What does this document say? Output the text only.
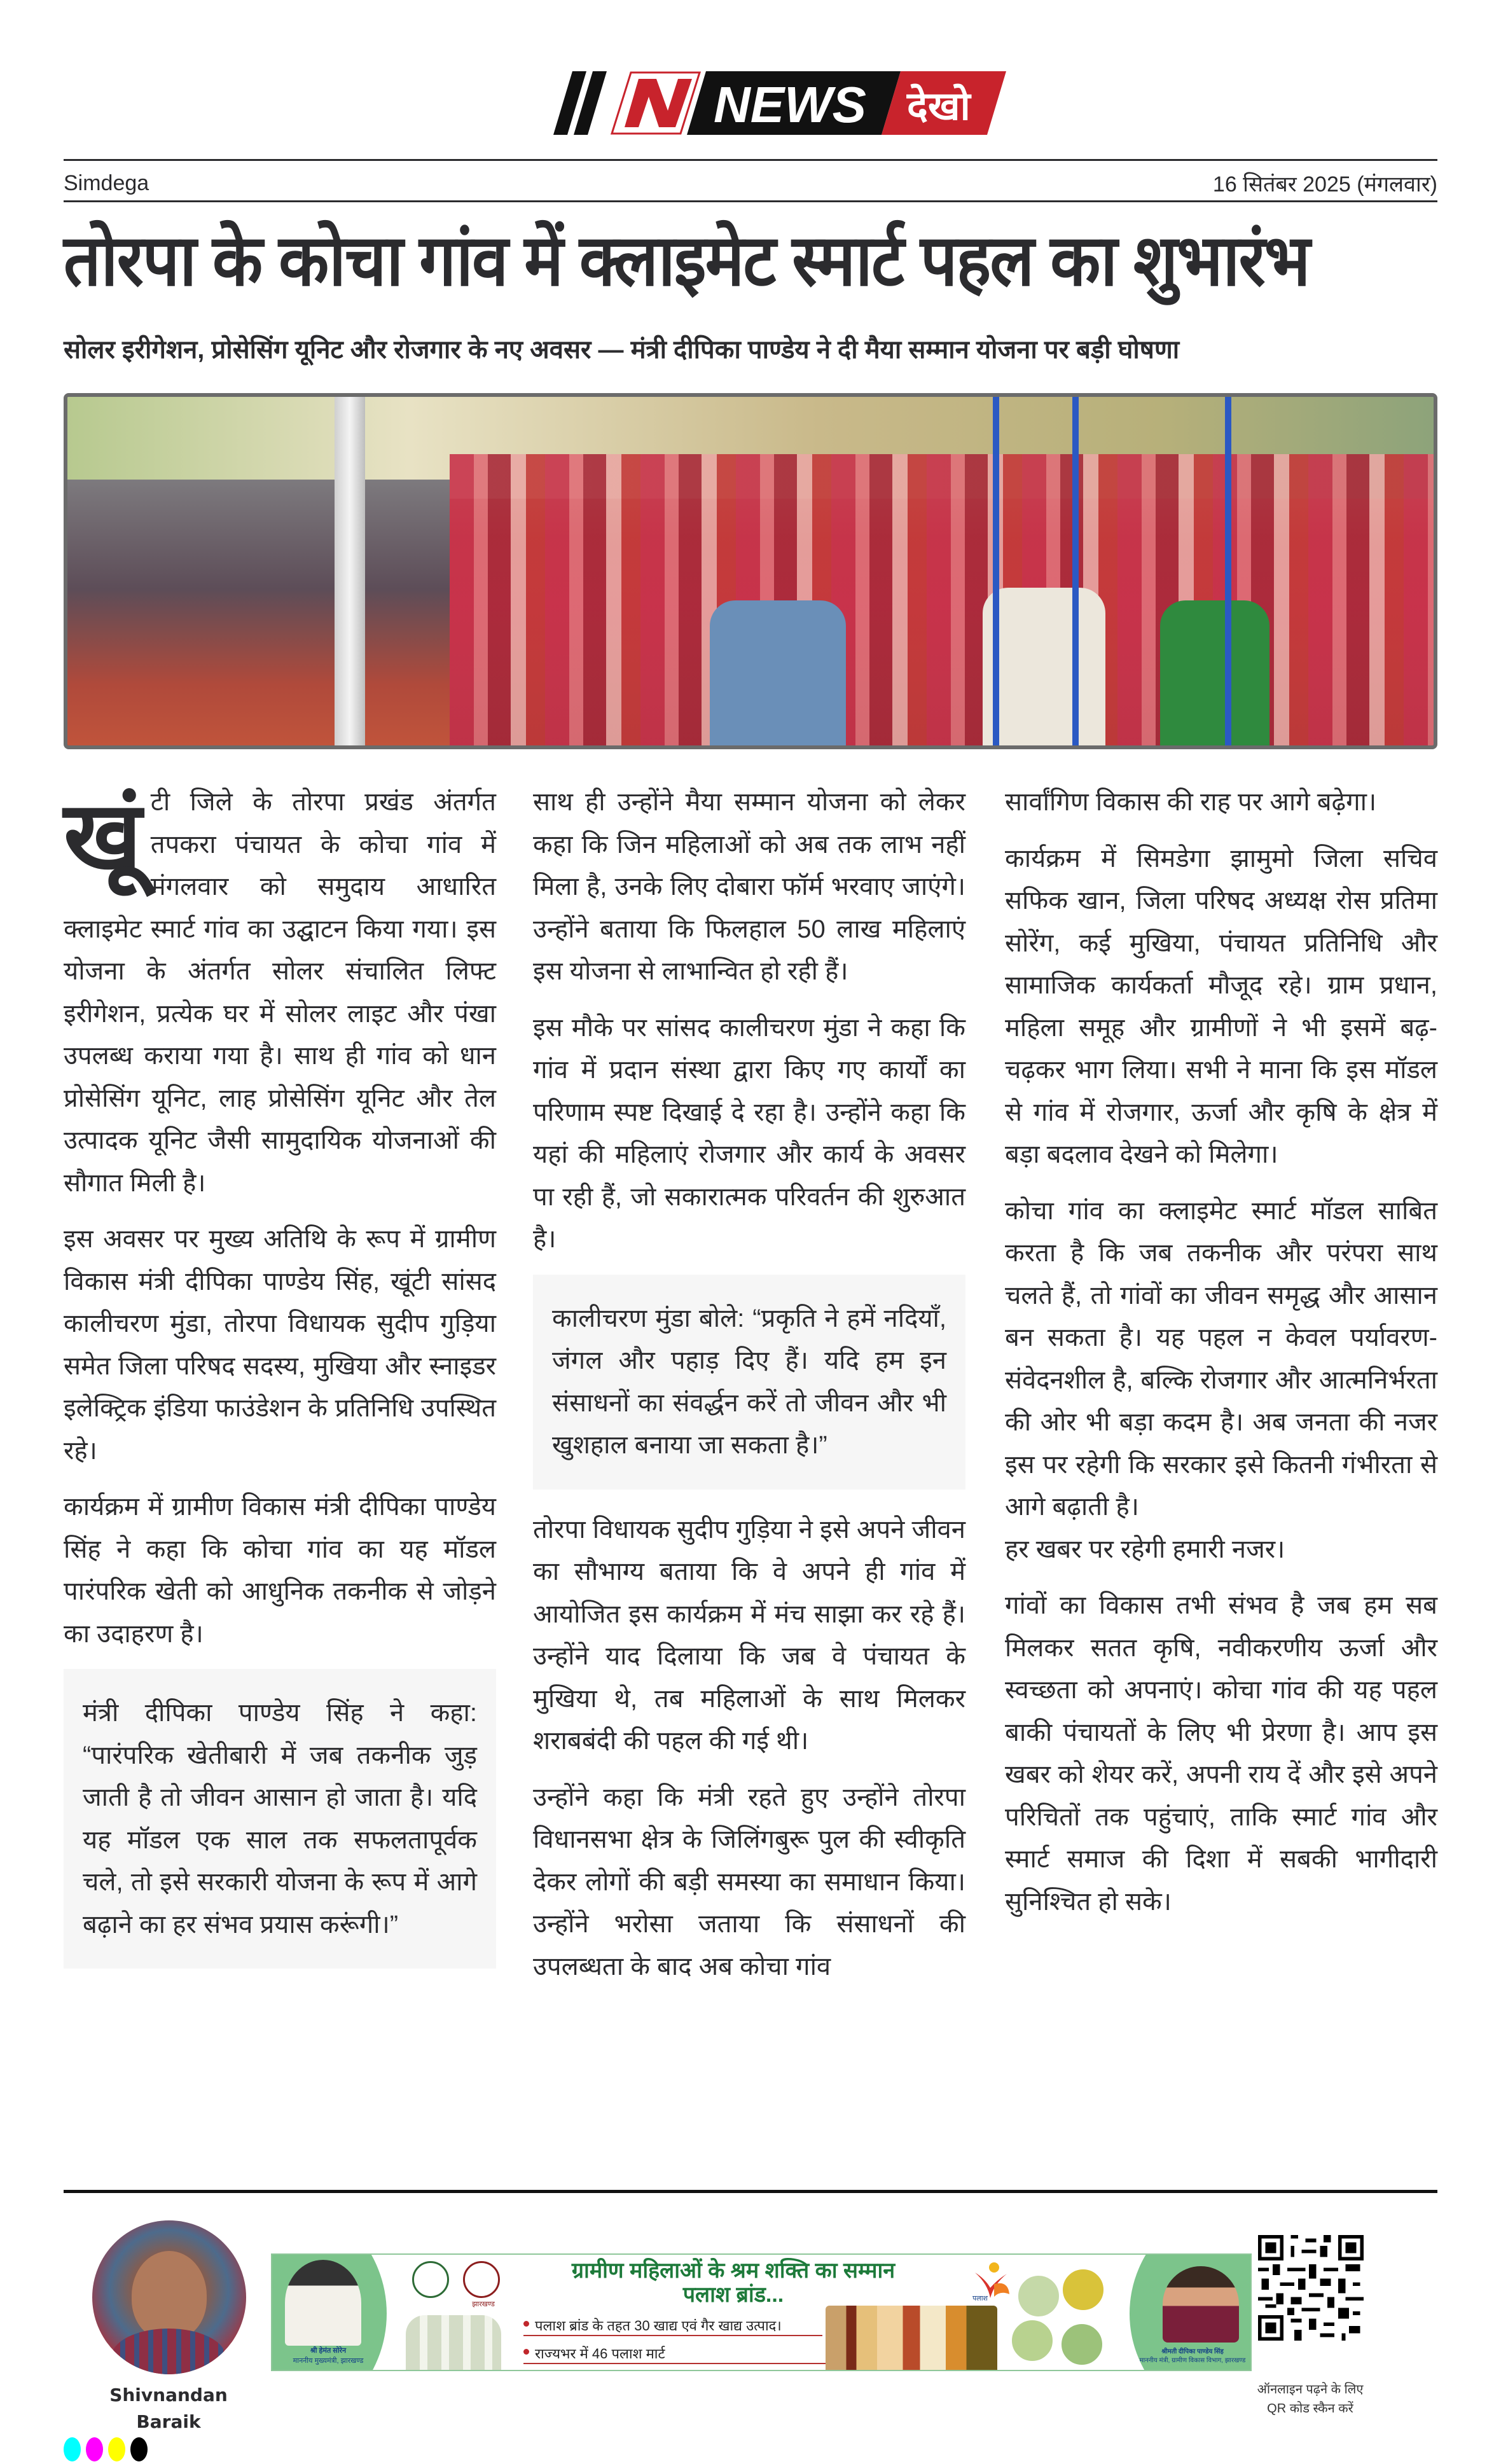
NEWS देखो
Simdega	16 सितंबर 2025 (मंगलवार)
तोरपा के कोचा गांव में क्लाइमेट स्मार्ट पहल का शुभारंभ
सोलर इरीगेशन, प्रोसेसिंग यूनिट और रोजगार के नए अवसर — मंत्री दीपिका पाण्डेय ने दी मैया सम्मान योजना पर बड़ी घोषणा

खूंटी जिले के तोरपा प्रखंड अंतर्गत तपकरा पंचायत के कोचा गांव में मंगलवार को समुदाय आधारित क्लाइमेट स्मार्ट गांव का उद्घाटन किया गया। इस योजना के अंतर्गत सोलर संचालित लिफ्ट इरीगेशन, प्रत्येक घर में सोलर लाइट और पंखा उपलब्ध कराया गया है। साथ ही गांव को धान प्रोसेसिंग यूनिट, लाह प्रोसेसिंग यूनिट और तेल उत्पादक यूनिट जैसी सामुदायिक योजनाओं की सौगात मिली है।

इस अवसर पर मुख्य अतिथि के रूप में ग्रामीण विकास मंत्री दीपिका पाण्डेय सिंह, खूंटी सांसद कालीचरण मुंडा, तोरपा विधायक सुदीप गुड़िया समेत जिला परिषद सदस्य, मुखिया और स्नाइडर इलेक्ट्रिक इंडिया फाउंडेशन के प्रतिनिधि उपस्थित रहे।

कार्यक्रम में ग्रामीण विकास मंत्री दीपिका पाण्डेय सिंह ने कहा कि कोचा गांव का यह मॉडल पारंपरिक खेती को आधुनिक तकनीक से जोड़ने का उदाहरण है।

मंत्री दीपिका पाण्डेय सिंह ने कहा: “पारंपरिक खेतीबारी में जब तकनीक जुड़ जाती है तो जीवन आसान हो जाता है। यदि यह मॉडल एक साल तक सफलतापूर्वक चले, तो इसे सरकारी योजना के रूप में आगे बढ़ाने का हर संभव प्रयास करूंगी।”

साथ ही उन्होंने मैया सम्मान योजना को लेकर कहा कि जिन महिलाओं को अब तक लाभ नहीं मिला है, उनके लिए दोबारा फॉर्म भरवाए जाएंगे। उन्होंने बताया कि फिलहाल 50 लाख महिलाएं इस योजना से लाभान्वित हो रही हैं।

इस मौके पर सांसद कालीचरण मुंडा ने कहा कि गांव में प्रदान संस्था द्वारा किए गए कार्यों का परिणाम स्पष्ट दिखाई दे रहा है। उन्होंने कहा कि यहां की महिलाएं रोजगार और कार्य के अवसर पा रही हैं, जो सकारात्मक परिवर्तन की शुरुआत है।

कालीचरण मुंडा बोले: “प्रकृति ने हमें नदियाँ, जंगल और पहाड़ दिए हैं। यदि हम इन संसाधनों का संवर्द्धन करें तो जीवन और भी खुशहाल बनाया जा सकता है।”

तोरपा विधायक सुदीप गुड़िया ने इसे अपने जीवन का सौभाग्य बताया कि वे अपने ही गांव में आयोजित इस कार्यक्रम में मंच साझा कर रहे हैं। उन्होंने याद दिलाया कि जब वे पंचायत के मुखिया थे, तब महिलाओं के साथ मिलकर शराबबंदी की पहल की गई थी।

उन्होंने कहा कि मंत्री रहते हुए उन्होंने तोरपा विधानसभा क्षेत्र के जिलिंगबुरू पुल की स्वीकृति देकर लोगों की बड़ी समस्या का समाधान किया। उन्होंने भरोसा जताया कि संसाधनों की उपलब्धता के बाद अब कोचा गांव

सार्वांगिण विकास की राह पर आगे बढ़ेगा।

कार्यक्रम में सिमडेगा झामुमो जिला सचिव सफिक खान, जिला परिषद अध्यक्ष रोस प्रतिमा सोरेंग, कई मुखिया, पंचायत प्रतिनिधि और सामाजिक कार्यकर्ता मौजूद रहे। ग्राम प्रधान, महिला समूह और ग्रामीणों ने भी इसमें बढ़-चढ़कर भाग लिया। सभी ने माना कि इस मॉडल से गांव में रोजगार, ऊर्जा और कृषि के क्षेत्र में बड़ा बदलाव देखने को मिलेगा।

कोचा गांव का क्लाइमेट स्मार्ट मॉडल साबित करता है कि जब तकनीक और परंपरा साथ चलते हैं, तो गांवों का जीवन समृद्ध और आसान बन सकता है। यह पहल न केवल पर्यावरण-संवेदनशील है, बल्कि रोजगार और आत्मनिर्भरता की ओर भी बड़ा कदम है। अब जनता की नजर इस पर रहेगी कि सरकार इसे कितनी गंभीरता से आगे बढ़ाती है।

हर खबर पर रहेगी हमारी नजर।

गांवों का विकास तभी संभव है जब हम सब मिलकर सतत कृषि, नवीकरणीय ऊर्जा और स्वच्छता को अपनाएं। कोचा गांव की यह पहल बाकी पंचायतों के लिए भी प्रेरणा है। आप इस खबर को शेयर करें, अपनी राय दें और इसे अपने परिचितों तक पहुंचाएं, ताकि स्मार्ट गांव और स्मार्ट समाज की दिशा में सबकी भागीदारी सुनिश्चित हो सके।

Shivnandan
Baraik
श्री हेमंत सोरेन
माननीय मुख्यमंत्री, झारखण्ड
झारखण्ड
ग्रामीण महिलाओं के श्रम शक्ति का सम्मान
पलाश ब्रांड...
पलाश ब्रांड के तहत 30 खाद्य एवं गैर खाद्य उत्पाद।
राज्यभर में 46 पलाश मार्ट
पलाश
श्रीमती दीपिका पाण्डेय सिंह
माननीय मंत्री, ग्रामीण विकास विभाग, झारखण्ड
ऑनलाइन पढ़ने के लिए
QR कोड स्कैन करें
